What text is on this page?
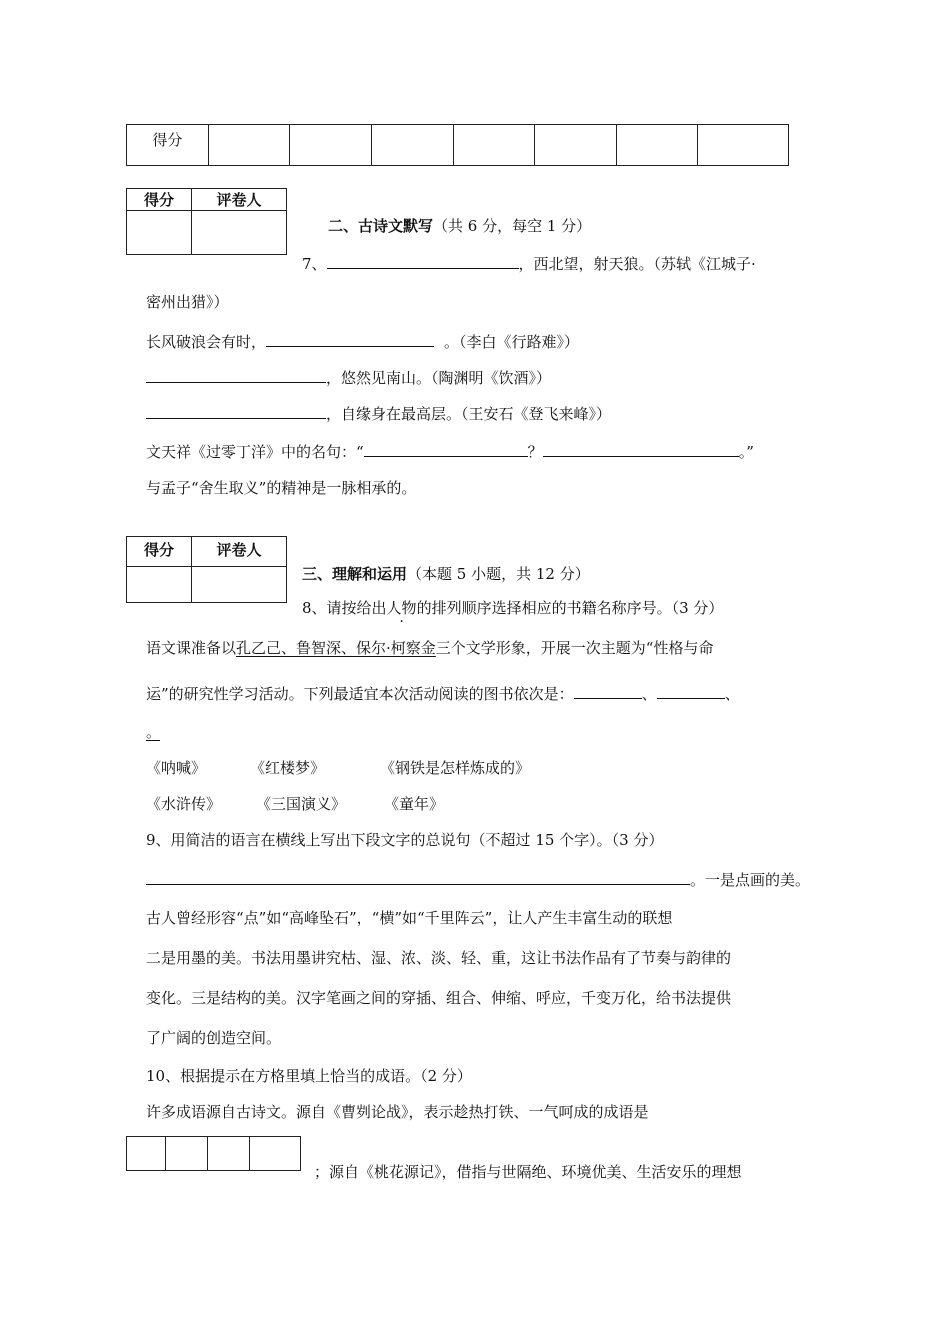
得分							
得分	评卷人

二、古诗文默写（共 6 分，每空 1 分）
7、	，西北望，射天狼。（苏轼《江城子·
密州出猎》）
长风破浪会有时，	。（李白《行路难》）
，悠然见南山。（陶渊明《饮酒》）
，自缘身在最高层。（王安石《登飞来峰》）
文天祥《过零丁洋》中的名句：“	？	。”
与孟子“舍生取义”的精神是一脉相承的。
得分	评卷人

三、理解和运用（本题 5 小题，共 12 分）
8、请按给出人物的排列顺序选择相应的书籍名称序号。（3 分）
语文课准备以孔乙己、鲁智深、保尔·柯察金三个文学形象，开展一次主题为“性格与命
运”的研究性学习活动。下列最适宜本次活动阅读的图书依次是：	、	、
。
《呐喊》	《红楼梦》	《钢铁是怎样炼成的》
《水浒传》 《三国演义》	《童年》
9、用简洁的语言在横线上写出下段文字的总说句（不超过 15 个字）。（3 分）
。一是点画的美。
古人曾经形容“点”如“高峰坠石”，“横”如“千里阵云”，让人产生丰富生动的联想
二是用墨的美。书法用墨讲究枯、湿、浓、淡、轻、重，这让书法作品有了节奏与韵律的
变化。三是结构的美。汉字笔画之间的穿插、组合、伸缩、呼应，千变万化，给书法提供
了广阔的创造空间。
10、根据提示在方格里填上恰当的成语。（2 分）
许多成语源自古诗文。源自《曹刿论战》，表示趁热打铁、一气呵成的成语是
；源自《桃花源记》，借指与世隔绝、环境优美、生活安乐的理想
